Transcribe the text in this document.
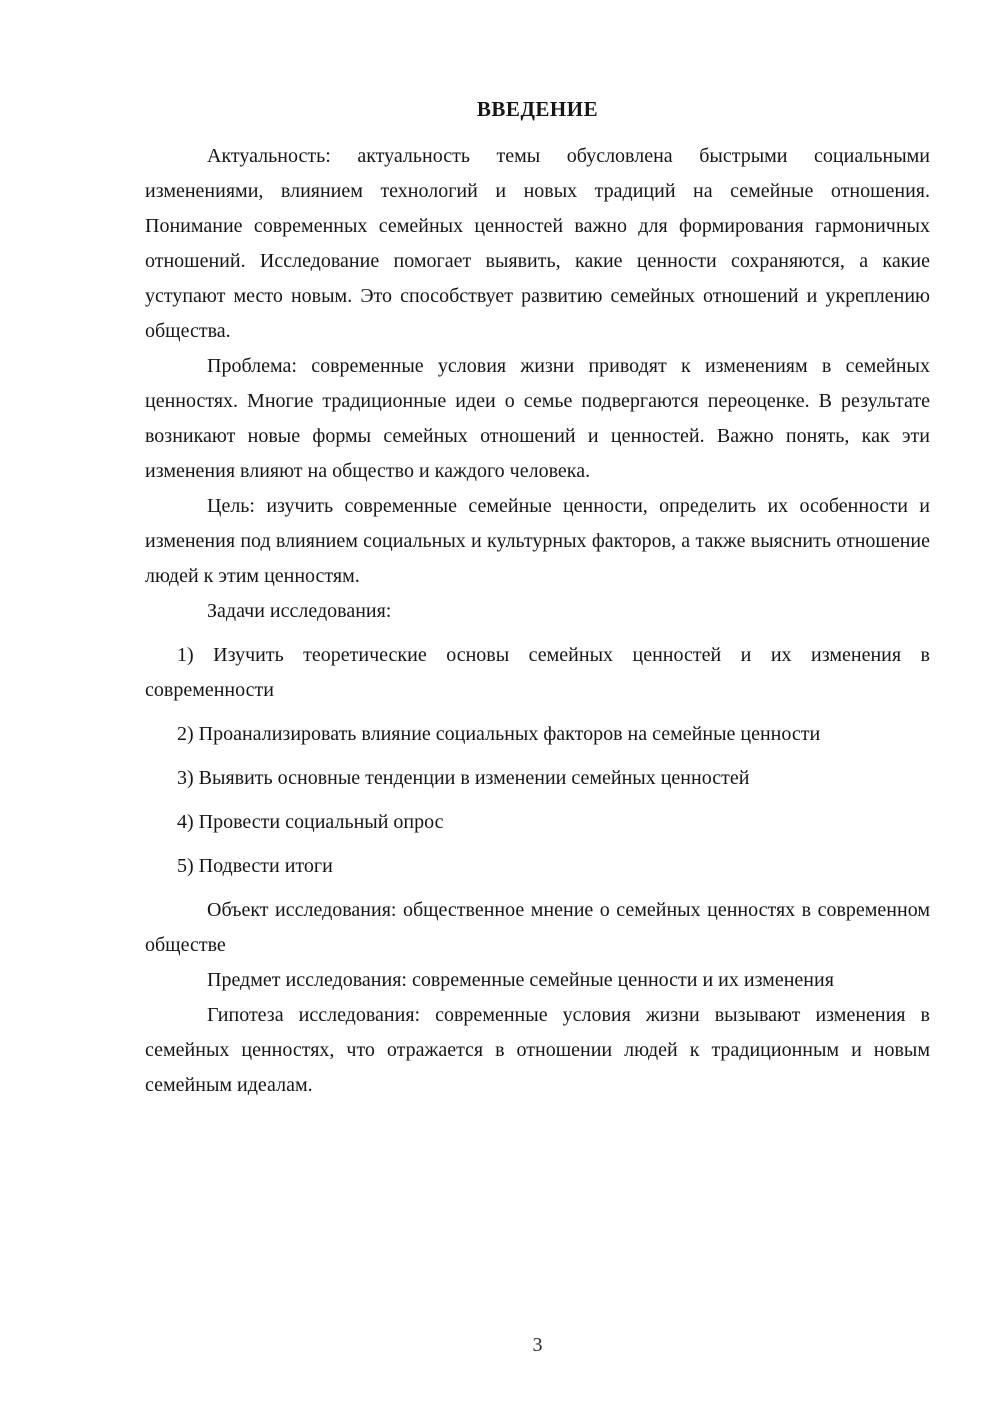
ВВЕДЕНИЕ

Актуальность: актуальность темы обусловлена быстрыми социальными изменениями, влиянием технологий и новых традиций на семейные отношения. Понимание современных семейных ценностей важно для формирования гармоничных отношений. Исследование помогает выявить, какие ценности сохраняются, а какие уступают место новым. Это способствует развитию семейных отношений и укреплению общества.

Проблема: современные условия жизни приводят к изменениям в семейных ценностях. Многие традиционные идеи о семье подвергаются переоценке. В результате возникают новые формы семейных отношений и ценностей. Важно понять, как эти изменения влияют на общество и каждого человека.

Цель: изучить современные семейные ценности, определить их особенности и изменения под влиянием социальных и культурных факторов, а также выяснить отношение людей к этим ценностям.

Задачи исследования:

1) Изучить теоретические основы семейных ценностей и их изменения в современности

2) Проанализировать влияние социальных факторов на семейные ценности

3) Выявить основные тенденции в изменении семейных ценностей

4) Провести социальный опрос

5) Подвести итоги

Объект исследования: общественное мнение о семейных ценностях в современном обществе

Предмет исследования: современные семейные ценности и их изменения

Гипотеза исследования: современные условия жизни вызывают изменения в семейных ценностях, что отражается в отношении людей к традиционным и новым семейным идеалам.

3
